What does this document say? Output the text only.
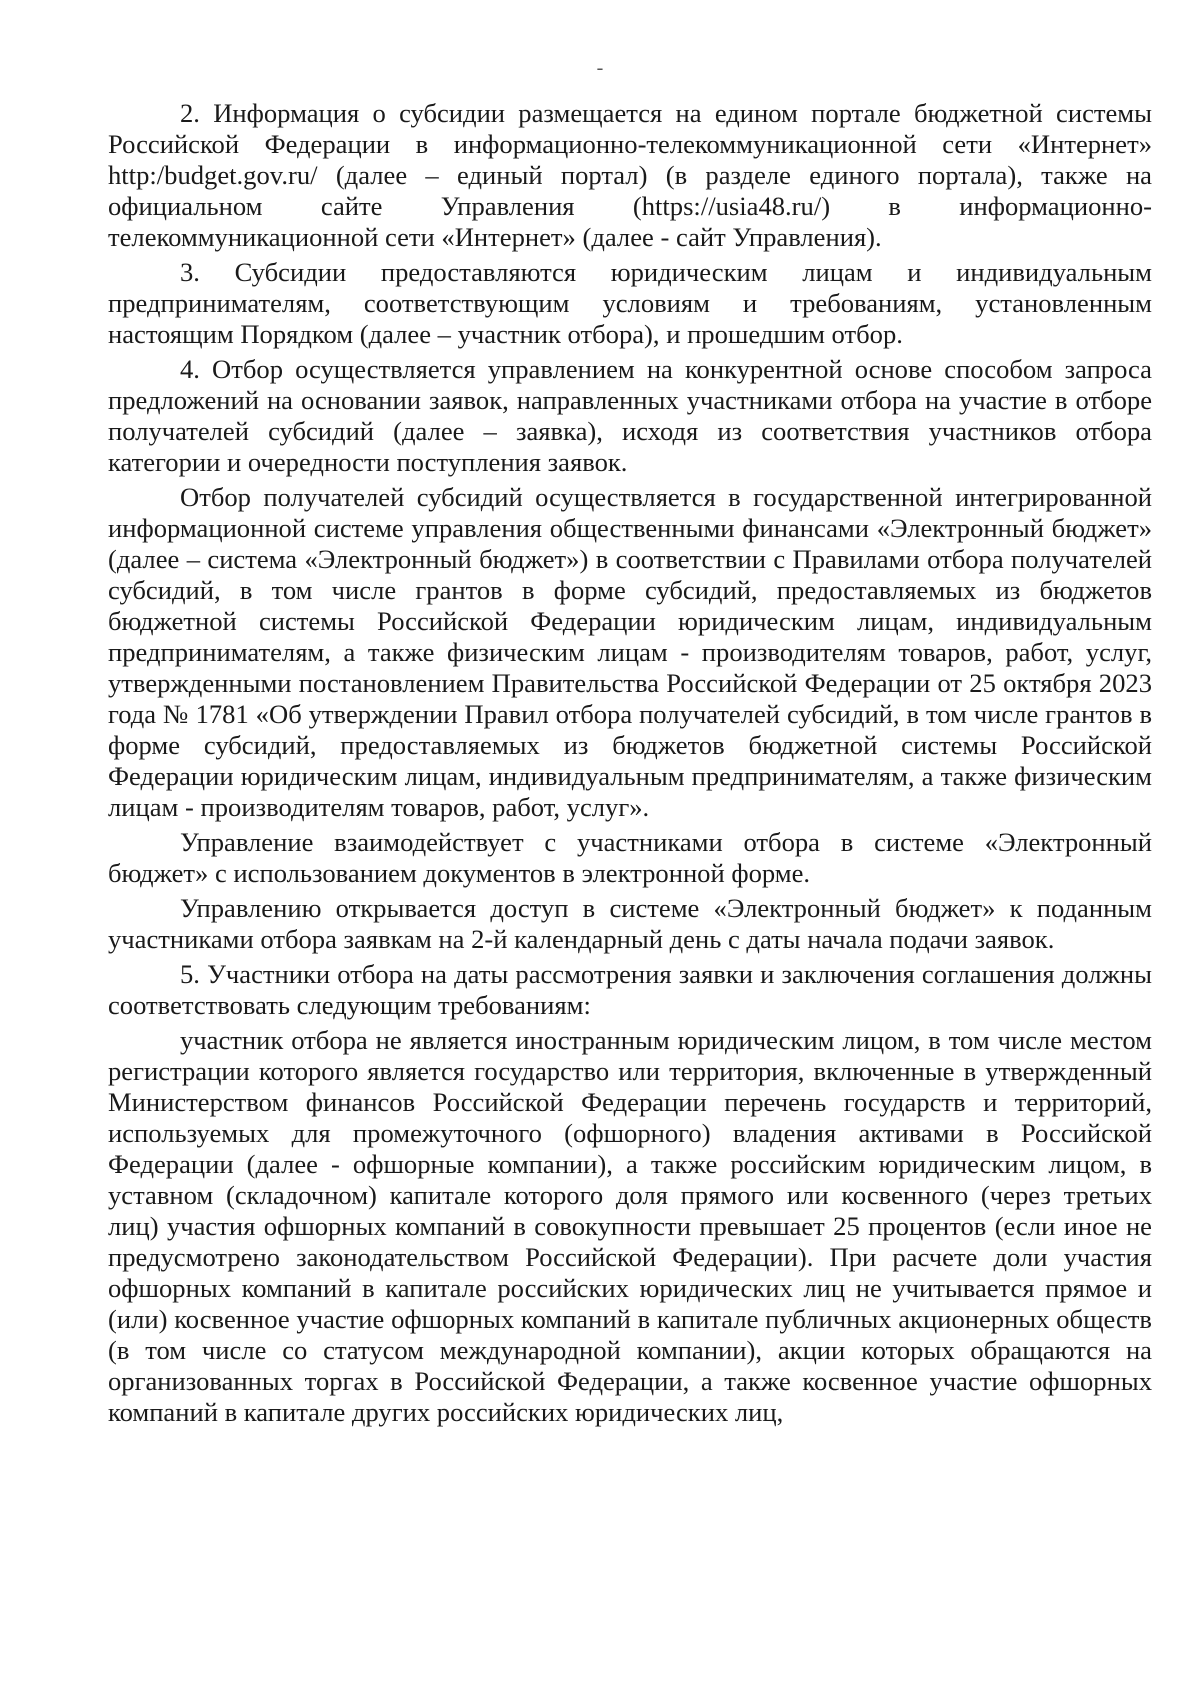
-

2. Информация о субсидии размещается на едином портале бюджетной системы Российской Федерации в информационно-телекоммуникационной сети «Интернет» http:/budget.gov.ru/ (далее – единый портал) (в разделе единого портала), также на официальном сайте Управления (https://usia48.ru/) в информационно-телекоммуникационной сети «Интернет» (далее - сайт Управления).

3. Субсидии предоставляются юридическим лицам и индивидуальным предпринимателям, соответствующим условиям и требованиям, установленным настоящим Порядком (далее – участник отбора), и прошедшим отбор.

4. Отбор осуществляется управлением на конкурентной основе способом запроса предложений на основании заявок, направленных участниками отбора на участие в отборе получателей субсидий (далее – заявка), исходя из соответствия участников отбора категории и очередности поступления заявок.

Отбор получателей субсидий осуществляется в государственной интегрированной информационной системе управления общественными финансами «Электронный бюджет» (далее – система «Электронный бюджет») в соответствии с Правилами отбора получателей субсидий, в том числе грантов в форме субсидий, предоставляемых из бюджетов бюджетной системы Российской Федерации юридическим лицам, индивидуальным предпринимателям, а также физическим лицам - производителям товаров, работ, услуг, утвержденными постановлением Правительства Российской Федерации от 25 октября 2023 года № 1781 «Об утверждении Правил отбора получателей субсидий, в том числе грантов в форме субсидий, предоставляемых из бюджетов бюджетной системы Российской Федерации юридическим лицам, индивидуальным предпринимателям, а также физическим лицам - производителям товаров, работ, услуг».

Управление взаимодействует с участниками отбора в системе «Электронный бюджет» с использованием документов в электронной форме.

Управлению открывается доступ в системе «Электронный бюджет» к поданным участниками отбора заявкам на 2-й календарный день с даты начала подачи заявок.

5. Участники отбора на даты рассмотрения заявки и заключения соглашения должны соответствовать следующим требованиям:

участник отбора не является иностранным юридическим лицом, в том числе местом регистрации которого является государство или территория, включенные в утвержденный Министерством финансов Российской Федерации перечень государств и территорий, используемых для промежуточного (офшорного) владения активами в Российской Федерации (далее - офшорные компании), а также российским юридическим лицом, в уставном (складочном) капитале которого доля прямого или косвенного (через третьих лиц) участия офшорных компаний в совокупности превышает 25 процентов (если иное не предусмотрено законодательством Российской Федерации). При расчете доли участия офшорных компаний в капитале российских юридических лиц не учитывается прямое и (или) косвенное участие офшорных компаний в капитале публичных акционерных обществ (в том числе со статусом международной компании), акции которых обращаются на организованных торгах в Российской Федерации, а также косвенное участие офшорных компаний в капитале других российских юридических лиц,
